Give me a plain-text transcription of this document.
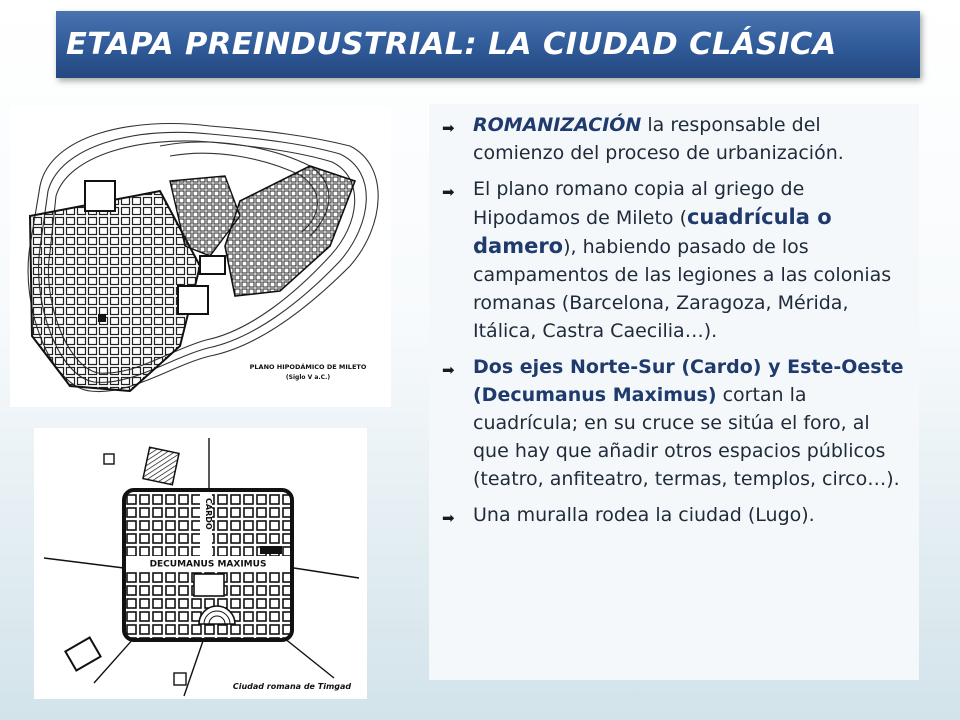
ETAPA PREINDUSTRIAL: LA CIUDAD CLÁSICA
PLANO HIPODÁMICO DE MILETO
(Siglo V a.C.)
CARDO
DECUMANUS MAXIMUS
Ciudad romana de Timgad
➡ ROMANIZACIÓN la responsable del comienzo del proceso de urbanización.
➡ El plano romano copia al griego de Hipodamos de Mileto (cuadrícula o damero), habiendo pasado de los campamentos de las legiones a las colonias romanas (Barcelona, Zaragoza, Mérida, Itálica, Castra Caecilia…).
➡ Dos ejes Norte-Sur (Cardo) y Este-Oeste (Decumanus Maximus) cortan la cuadrícula; en su cruce se sitúa el foro, al que hay que añadir otros espacios públicos (teatro, anfiteatro, termas, templos, circo…).
➡ Una muralla rodea la ciudad (Lugo).
